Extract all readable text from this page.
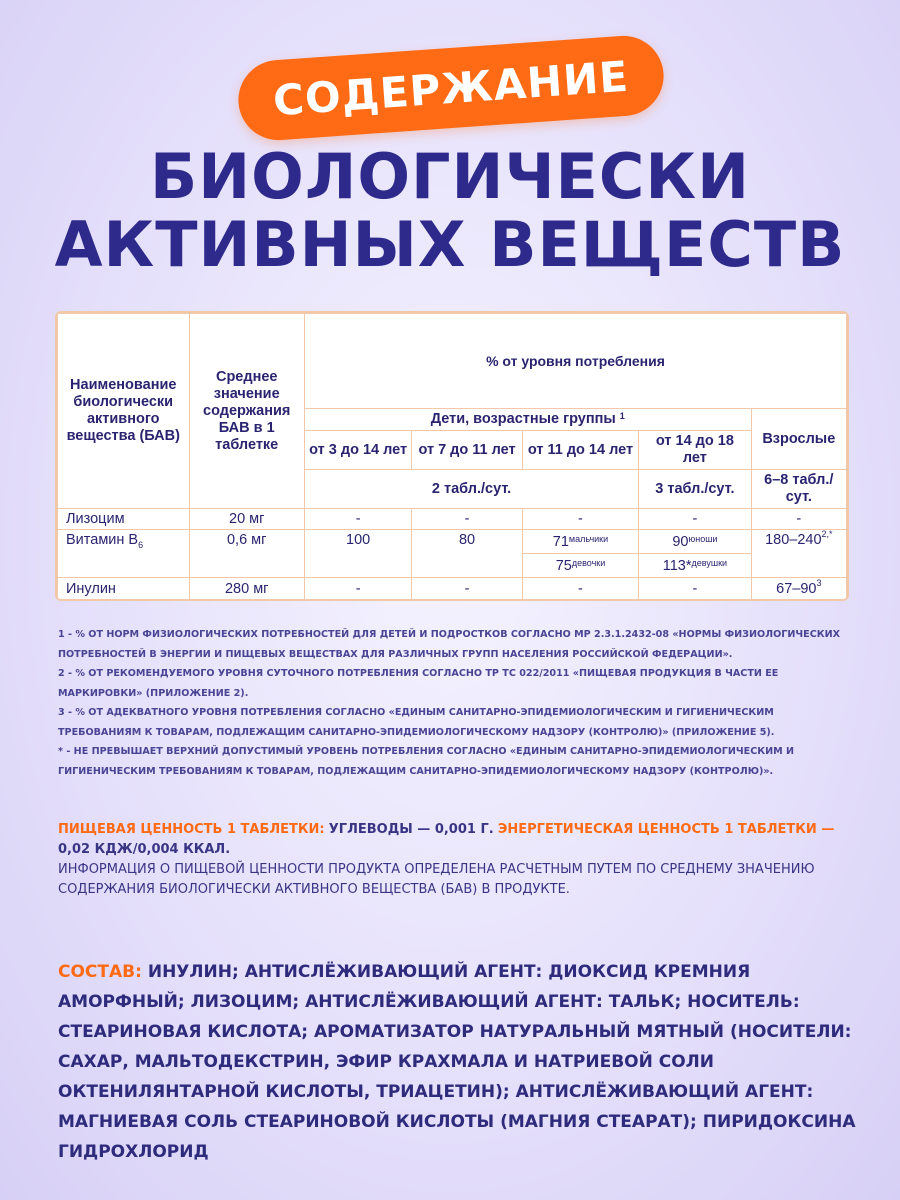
СОДЕРЖАНИЕ
БИОЛОГИЧЕСКИ
АКТИВНЫХ ВЕЩЕСТВ
Наименование биологически активного вещества (БАВ)	Среднее значение содержания БАВ в 1 таблетке	% от уровня потребления				
		Дети, возрастные группы $^1$				Взрослые
		от 3 до 14 лет	от 7 до 11 лет	от 11 до 14 лет	от 14 до 18 лет	
		2 табл./сут.			3 табл./сут.	6–8 табл./сут.
Лизоцим	20 мг	-	-	-	-	-
Витамин $B_6$	0,6 мг	100	80	$71^{мальчики}$	$90^{юноши}$	$180-240^{2,*}$
				$75^{девочки}$	113*$^{девушки}$
Инулин	280 мг	-	-	-	-	$67-90^3$

1 - % ОТ НОРМ ФИЗИОЛОГИЧЕСКИХ ПОТРЕБНОСТЕЙ ДЛЯ ДЕТЕЙ И ПОДРОСТКОВ СОГЛАСНО МР 2.3.1.2432-08 «НОРМЫ ФИЗИОЛОГИЧЕСКИХ ПОТРЕБНОСТЕЙ В ЭНЕРГИИ И ПИЩЕВЫХ ВЕЩЕСТВАХ ДЛЯ РАЗЛИЧНЫХ ГРУПП НАСЕЛЕНИЯ РОССИЙСКОЙ ФЕДЕРАЦИИ».

2 - % ОТ РЕКОМЕНДУЕМОГО УРОВНЯ СУТОЧНОГО ПОТРЕБЛЕНИЯ СОГЛАСНО ТР ТС 022/2011 «ПИЩЕВАЯ ПРОДУКЦИЯ В ЧАСТИ ЕЕ МАРКИРОВКИ» (ПРИЛОЖЕНИЕ 2).

3 - % ОТ АДЕКВАТНОГО УРОВНЯ ПОТРЕБЛЕНИЯ СОГЛАСНО «ЕДИНЫМ САНИТАРНО-ЭПИДЕМИОЛОГИЧЕСКИМ И ГИГИЕНИЧЕСКИМ ТРЕБОВАНИЯМ К ТОВАРАМ, ПОДЛЕЖАЩИМ САНИТАРНО-ЭПИДЕМИОЛОГИЧЕСКОМУ НАДЗОРУ (КОНТРОЛЮ)» (ПРИЛОЖЕНИЕ 5).

* - НЕ ПРЕВЫШАЕТ ВЕРХНИЙ ДОПУСТИМЫЙ УРОВЕНЬ ПОТРЕБЛЕНИЯ СОГЛАСНО «ЕДИНЫМ САНИТАРНО-ЭПИДЕМИОЛОГИЧЕСКИМ И ГИГИЕНИЧЕСКИМ ТРЕБОВАНИЯМ К ТОВАРАМ, ПОДЛЕЖАЩИМ САНИТАРНО-ЭПИДЕМИОЛОГИЧЕСКОМУ НАДЗОРУ (КОНТРОЛЮ)».

ПИЩЕВАЯ ЦЕННОСТЬ 1 ТАБЛЕТКИ: УГЛЕВОДЫ — 0,001 Г. ЭНЕРГЕТИЧЕСКАЯ ЦЕННОСТЬ 1 ТАБЛЕТКИ — 0,02 КДЖ/0,004 ККАЛ.
ИНФОРМАЦИЯ О ПИЩЕВОЙ ЦЕННОСТИ ПРОДУКТА ОПРЕДЕЛЕНА РАСЧЕТНЫМ ПУТЕМ ПО СРЕДНЕМУ ЗНАЧЕНИЮ СОДЕРЖАНИЯ БИОЛОГИЧЕСКИ АКТИВНОГО ВЕЩЕСТВА (БАВ) В ПРОДУКТЕ.
СОСТАВ: ИНУЛИН; АНТИСЛЁЖИВАЮЩИЙ АГЕНТ: ДИОКСИД КРЕМНИЯ АМОРФНЫЙ; ЛИЗОЦИМ; АНТИСЛЁЖИВАЮЩИЙ АГЕНТ: ТАЛЬК; НОСИТЕЛЬ: СТЕАРИНОВАЯ КИСЛОТА; АРОМАТИЗАТОР НАТУРАЛЬНЫЙ МЯТНЫЙ (НОСИТЕЛИ: САХАР, МАЛЬТОДЕКСТРИН, ЭФИР КРАХМАЛА И НАТРИЕВОЙ СОЛИ ОКТЕНИЛЯНТАРНОЙ КИСЛОТЫ, ТРИАЦЕТИН); АНТИСЛЁЖИВАЮЩИЙ АГЕНТ: МАГНИЕВАЯ СОЛЬ СТЕАРИНОВОЙ КИСЛОТЫ (МАГНИЯ СТЕАРАТ); ПИРИДОКСИНА ГИДРОХЛОРИД
